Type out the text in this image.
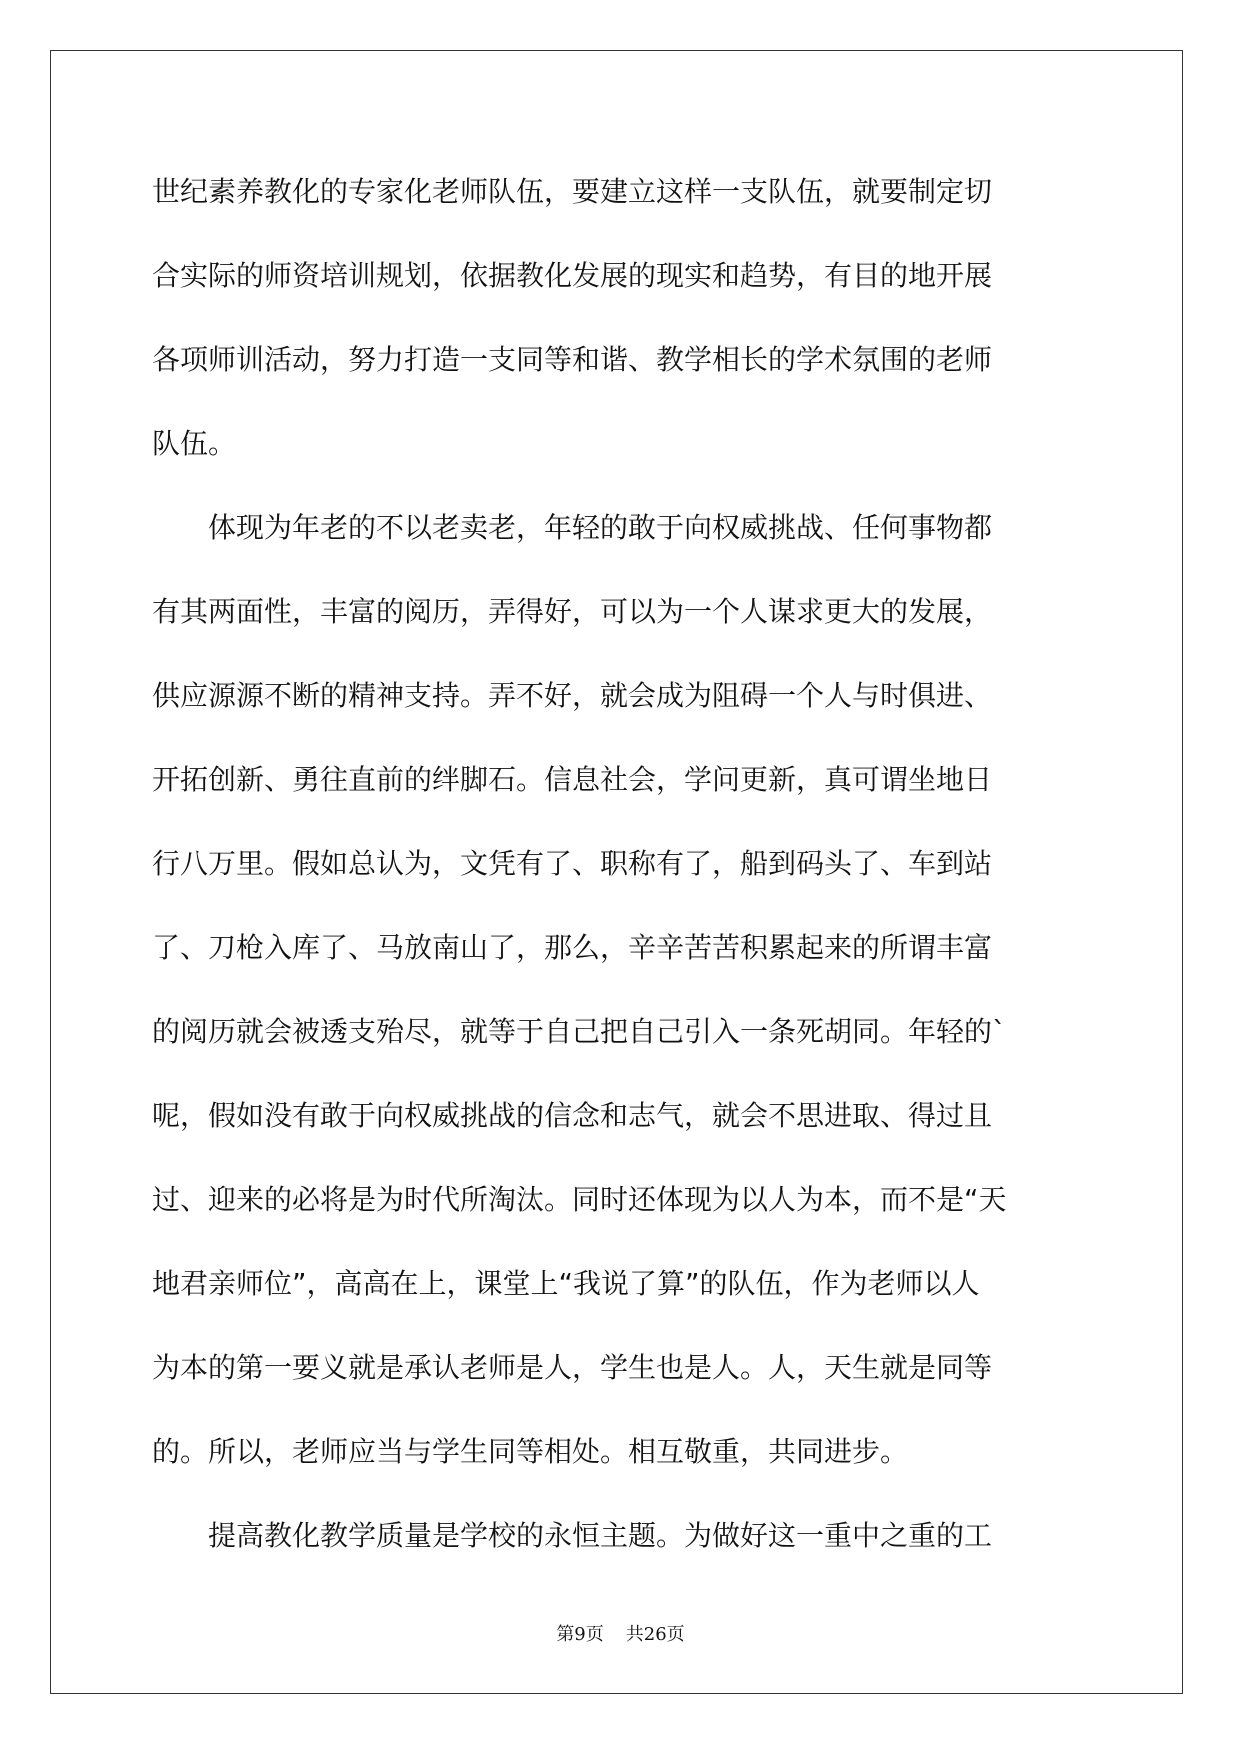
世纪素养教化的专家化老师队伍，要建立这样一支队伍，就要制定切
合实际的师资培训规划，依据教化发展的现实和趋势，有目的地开展
各项师训活动，努力打造一支同等和谐、教学相长的学术氛围的老师
队伍。
　　体现为年老的不以老卖老，年轻的敢于向权威挑战、任何事物都
有其两面性，丰富的阅历，弄得好，可以为一个人谋求更大的发展，
供应源源不断的精神支持。弄不好，就会成为阻碍一个人与时俱进、
开拓创新、勇往直前的绊脚石。信息社会，学问更新，真可谓坐地日
行八万里。假如总认为，文凭有了、职称有了，船到码头了、车到站
了、刀枪入库了、马放南山了，那么，辛辛苦苦积累起来的所谓丰富
的阅历就会被透支殆尽，就等于自己把自己引入一条死胡同。年轻的`
呢，假如没有敢于向权威挑战的信念和志气，就会不思进取、得过且
过、迎来的必将是为时代所淘汰。同时还体现为以人为本，而不是“天
地君亲师位”，高高在上，课堂上“我说了算”的队伍，作为老师以人
为本的第一要义就是承认老师是人，学生也是人。人，天生就是同等
的。所以，老师应当与学生同等相处。相互敬重，共同进步。
　　提高教化教学质量是学校的永恒主题。为做好这一重中之重的工
第9页 共26页
